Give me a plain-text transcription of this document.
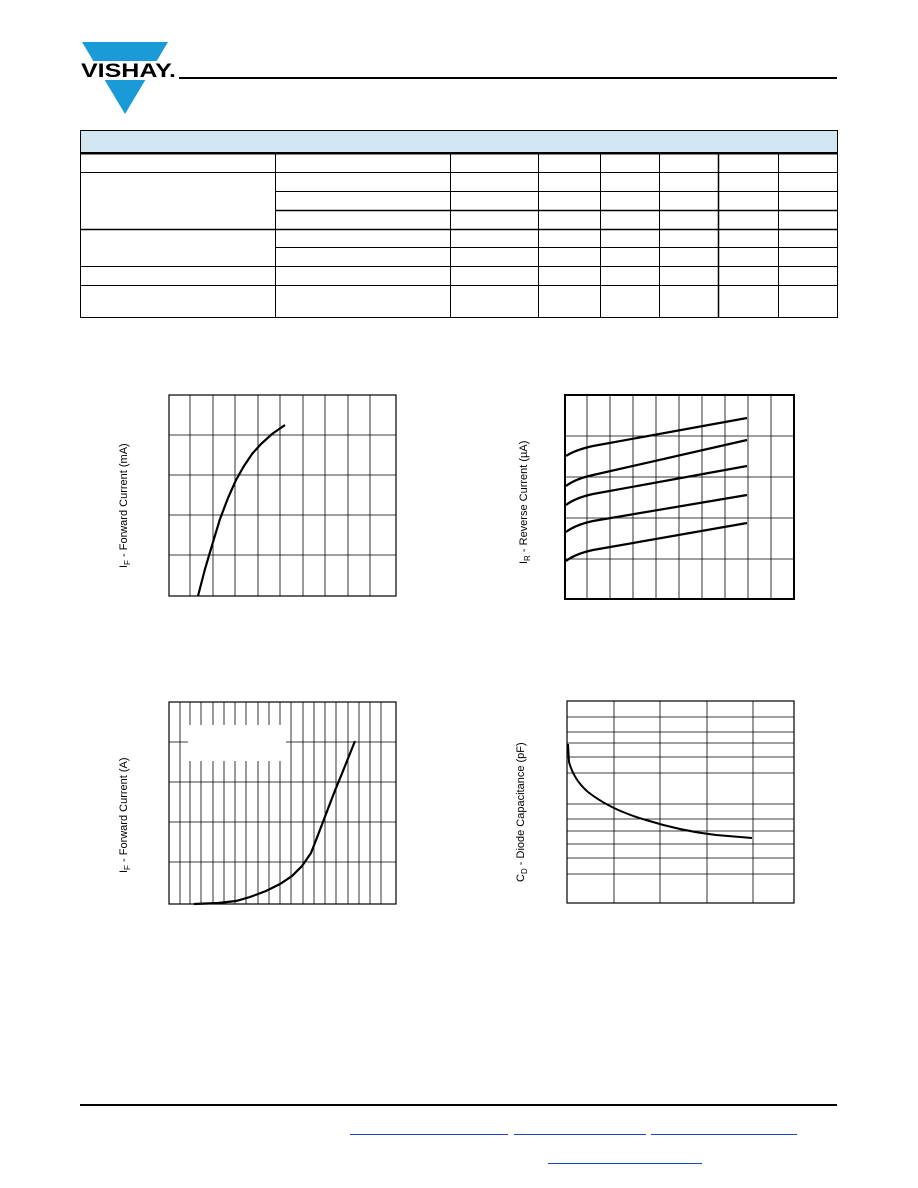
VISHAY.
$I_F$ - Forward Current (mA)
$I_R$ - Reverse Current (µA)
$I_F$ - Forward Current (A)
$C_D$ - Diode Capacitance (pF)
